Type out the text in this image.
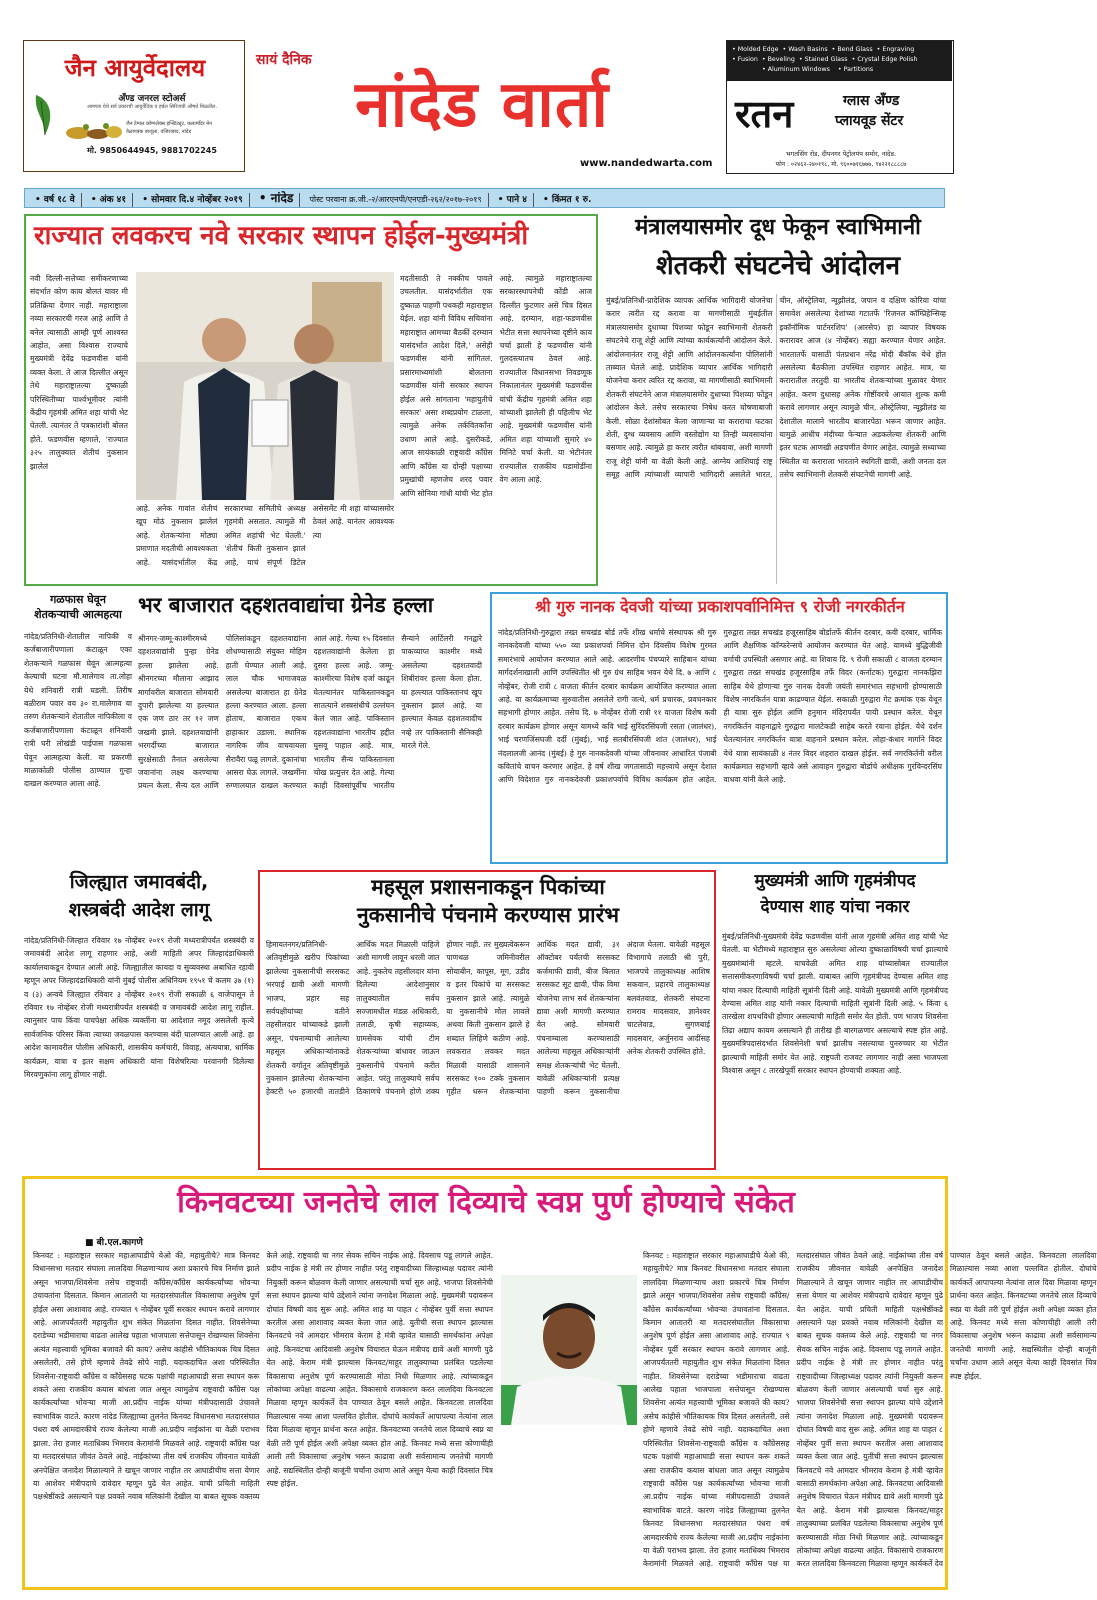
जैन आयुर्वेदालय
अँण्ड जनरल स्टोअर्स
आमच्या येथे सर्व प्रकारची आयुर्वेदिक व हर्बल सिरिजची औषधे मिळतील.
जैन टेम्पल कॉम्पलेक्स इन्स्टिट्यूट, कलामंदिर मेन
वेळापत्रक बाजूला, वजिराबाद, नांदेड
मो. 9850644945, 9881702245
सायं दैनिक
नांदेड वार्ता
www.nandedwarta.com
• Molded Edge • Wash Basins • Bend Glass • Engraving
• Fusion • Beveling • Stained Glass • Crystal Edge Polish
• Aluminum Windows • Partitions
रतन	ग्लास अँण्ड
प्लायवूड सेंटर
भगतसिंग रोड, दीपनगर पेट्रोलपंप समोर, नांदेड.
फोन : ०२४६२-२४०१९८, मो. ९६००७१६७७७, ९४२२१८८८८७
• वर्ष १८ वे • अंक ४१ • सोमवार दि.४ नोव्हेंबर २०१९ • नांदेड पोस्ट परवाना क्र.जी.-२/आरएनपी/एनएडी-२६२/२०१७-२०१९ • पाने ४ • किंमत १ रु.
राज्यात लवकरच नवे सरकार स्थापन होईल-मुख्यमंत्री
नवी दिल्ली-सत्तेच्या समीकरणाच्या संदर्भात कोण काय बोलतं यावर मी प्रतिक्रिया देणार नाही. महाराष्ट्राला नव्या सरकारची गरज आहे आणि ते बनेल त्यासाठी आम्ही पूर्ण आश्वस्त आहोत, असा विश्वास राज्याचे मुख्यमंत्री देवेंद्र फडणवीस यांनी व्यक्त केला. ते आज दिल्लीत असून तेथे महाराष्ट्रातल्या दुष्काळी परिस्थितीच्या पार्श्वभूमीवर त्यांनी केंद्रीय गृहमंत्री अमित शहा यांची भेट घेतली. त्यानंतर ते पत्रकारांशी बोलत होते. फडणवीस म्हणाले, 'राज्यात ३२५ तालुक्यात शेतीचं नुकसान झालेलं
आहे. अनेक गावांत शेतीचं खूप मोठं नुकसान झालेलं आहे. शेतकऱ्यांना मोठ्या प्रमाणात मदतीची आवश्यकता आहे. यासंदर्भातील केंद्र सरकारच्या समितीचे अध्यक्ष गृहमंत्री असतात. त्यामुळे मी अमित शहांची भेट घेतली.' 'शेतीचं किती नुकसान झालं आहे, याचं संपूर्ण डिटेल असेसमेंट मी शहा यांच्यासमोर ठेवलं आहे. यानंतर आवश्यक त्या
मदतीसाठी ते नक्कीच पावले उचलतील. यासंदर्भातील एक दुष्काळ पाहणी पथकही महाराष्ट्रात येईल. शहा यांनी विविध सचिवांना महाराष्ट्रात आमच्या बैठकीं दरम्यान यासंदर्भात आदेश दिले,' असेही फडणवीस यांनी सांगितलं. प्रसारमाध्यमांशी बोलताना फडणवीस यांनी सरकार स्थापन होईल असे सांगताना 'महायुतीचे सरकार' असा शब्दप्रयोग टाळला, त्यामुळे अनेक तर्कवितर्कांना उधाण आले आहे. दुसरीकडे, आज सायंकाळी राष्ट्रवादी काँग्रेस आणि काँग्रेस या दोन्ही पक्षाच्या प्रमुखांची म्हणजेच शरद पवार आणि सोनिया गांधी यांची भेट होत आहे. त्यामुळे महाराष्ट्रातल्या सरकारस्थापनेची कोंडी आज दिल्लीत फुटणार असे चित्र दिसत आहे. दरम्यान, शहा-फडणवीस भेटीत सत्ता स्थापनेच्या दृष्टीने काय चर्चा झाली हे फडणवीस यांनी गुलदस्त्यातच ठेवलं आहे. राज्यातील विधानसभा निवडणूक निकालानंतर मुख्यमंत्री फडणवीस यांची केंद्रीय गृहमंत्री अमित शहा यांच्याशी झालेली ही पहिलीच भेट आहे. मुख्यमंत्री फडणवीस यांनी अमित शहा यांच्याशी सुमारे ४० मिनिटे चर्चा केली. या भेटीनंतर राज्यातील राजकीय घडामोडींना वेग आला आहे.
मंत्रालयासमोर दूध फेकून स्वाभिमानी
शेतकरी संघटनेचे आंदोलन
मुंबई/प्रतिनिधी-प्रादेशिक व्यापक आर्थिक भागिदारी योजनेचा करार त्वरीत रद्द करावा या मागणीसाठी मुंबईतील मंत्रालयासमोर दुधाच्या पिशव्या फोडून स्वाभिमानी शेतकरी संघटनेचे राजू शेट्टी आणि त्यांच्या कार्यकर्त्यांनी आंदोलन केले. आंदोलनानंतर राजू शेट्टी आणि आंदोलनकर्त्यांना पोलिसांनी ताब्यात घेतले आहे. प्रादेशिक व्यापार आर्थिक भागिदारी योजनेचा करार त्वरित रद्द करावा, या मागणीसाठी स्वाभिमानी शेतकरी संघटनेने आज मंत्रालयासमोर दुधाच्या पिशव्या फोडून आंदोलन केले. तसेच सरकारचा निषेध करत घोषणाबाजी केली. सोळा देशांसोबत केला जाणाऱ्या या कराराचा फटका शेती, दुग्ध व्यवसाय आणि वस्तोद्योग या तिन्ही व्यवसायांना बसणार आहे. त्यामुळे हा करार त्वरीत थांबवावा, अशी मागणी राजू शेट्टी यांनी या वेळी केली आहे. आग्नेय आशियाई राष्ट्र समूह आणि त्यांच्याशी व्यापारी भागिदारी असलेले भारत, चीन, ऑस्ट्रेलिया, न्यूझीलंड, जपान व दक्षिण कोरिया यांचा समावेश असलेल्या देशांच्या गटातर्फे 'रिजनल कॉम्प्रिहेन्सिव्ह इकॉनॉमिक पार्टनरशिप' (आरसेप) हा व्यापार विषयक करारावर आज (४ नोव्हेंबर) सह्या करण्यात येणार आहेत. भारतातर्फे यासाठी पंतप्रधान नरेंद्र मोदी बँकॉक येथे होत असलेल्या बैठकीला उपस्थित राहणार आहेत. मात्र, या करारातील तरतुदी या भारतीय शेतकऱ्यांच्या मुळावर येणार आहेत. करण दुधासह अनेक गोष्टींवरचे आयात शुल्क कमी करावे लागणार असून त्यामुळे चीन, ऑस्ट्रेलिया, न्यूझीलंड या देशातील मालाने भारतीय बाजारपेठा भरून जाणार आहेत. यामुळे आधीच मंदीच्या फेऱ्यात अडकलेल्या शेतकरी आणि इतर घटक आणखी अडचणीत येणार आहेत. त्यामुळे सध्याच्या स्थितीत या कराराला भारताने स्थगिती द्यावी, अशी जनता दल तसेच स्वाभिमानी शेतकरी संघटनेची मागणी आहे.
गळफास घेवून
शेतकऱ्याची आत्महत्या
नांदेड/प्रतिनिधी-शेतातील नापिकी व कर्जबाजारीपणाला कंटाळून एका शेतकऱ्याने गळफास घेवून आत्महत्या केल्याची घटना मौ.मालेगाव ता.लोहा येथे शनिवारी रात्री घडली. तिरीष बळीराम पवार वय ३० रा.मालेगाव या तरुण शेतकऱ्याने शेतातील नापिकीला व कर्जबाजारीपणाला कंटाळून शनिवारी रात्री घरी लोखंडी पाईपास गळफास घेवून आत्महत्या केली. या प्रकरणी माळाकोळी पोलीस ठाण्यात गुन्हा दाखल करण्यात आला आहे.
भर बाजारात दहशतवाद्यांचा ग्रेनेड हल्ला
श्रीनगर-जम्मू-काश्मीरमध्ये दहशतवाद्यांनी पुन्हा ग्रेनेड हल्ला झालेला आहे. श्रीनगरच्या मौलाना आझाद मार्गावरील बाजारात सोमवारी दुपारी झालेल्या या हल्ल्यात एक जण ठार तर १२ जण जखमी झाले. दहशतवाद्यांनी भरगर्दीच्या बाजारात सुरक्षेसाठी तैनात असलेल्या जवानांना लक्ष्य करण्याचा प्रयत्न केला. सैन्य दल आणि पोलिसांकडून दहशतवाद्यांना शोधण्यासाठी संयुक्त मोहिम हाती घेण्यात आली आहे. लाल चौक भागाजवळ असलेल्या बाजारात हा ग्रेनेड हल्ला करण्यात आला. हल्ला होताच, बाजारात एकच हाहाकार उडाला. स्थानिक नागरिक जीव वाचवायला सैरावैरा पळू लागले. दुकानांचा आसरा घेऊ लागले. जखमींना रुग्णालयात दाखल करण्यात आलं आहे. गेल्या १५ दिवसांत दहशतवाद्यांनी केलेला हा दुसरा हल्ला आहे. जम्मू-काश्मीरचा विशेष दर्जा काढून घेतल्यानंतर पाकिस्तानकडून सातत्याने शस्त्रसंधीचे उल्लंघन केलं जात आहे. पाकिस्तान दहशतवाद्यांना भारतीय हद्दीत घुसवू पाहात आहे. मात्र, भारतीय सैन्य पाकिस्तानला चोख प्रत्युत्तर देत आहे. गेल्या काही दिवसांपूर्वीच भारतीय सैन्याने आर्टिलरी गनद्वारे पाकव्याप्त काश्मीर मध्ये असलेल्या दहशतवादी शिबीरांवर हल्ला केला होता. या हल्ल्यात पाकिस्तानचं खूप नुकसान झालं आहे. या हल्ल्यात केवळ दहशतवादीच नव्हे तर पाकिस्तानी सैनिकही मारले गेले.
श्री गुरु नानक देवजी यांच्या प्रकाशपर्वानिमित्त ९ रोजी नगरकीर्तन
नांदेड/प्रतिनिधी-गुरुद्वारा तख्त सचखंड बोर्ड तर्फे शीख धर्माचे संस्थापक श्री गुरु नानकदेवजी यांच्या ५५० व्या प्रकाशपर्वा निमित्त दोन दिवसीय विशेष गुरमत समारंभाचे आयोजन करण्यात आले आहे. आदरणीय पंचप्यारे साहिबान यांच्या मार्गदर्शनाखाली आणि उपस्थितीत श्री गुरु ग्रंथ साहिब भवन येथे दि. ७ आणि ८ नोव्हेंबर, रोजी रात्री ८ वाजता कीर्तन दरबार कार्यक्रम आयोजित करण्यात आला आहे. या कार्यक्रमाच्या सुरुवातीस असलेले रागी जत्थे, धर्म प्रचारक, प्रवचनकार सहभागी होणार आहेत. तसेच दि. ७ नोव्हेंबर रोजी रात्री ११ वाजता विशेष कवी दरबार कार्यक्रम होणार असून यामध्ये कवि भाई सुरिंदरसिंघजी रसता (जालंधर), भाई चरणजिंसघजी दर्दी (मुंबई), भाई सतबीरसिंघजी शांत (जालंधर), भाई नंदलालजी आनंद (मुंबई) हे गुरु नानकदेवजी यांच्या जीवनावर आधारित पंजाबी कवितांचे वाचन करणार आहेत. हे वर्ष शीख जगतासाठी महत्त्वाचे असून देशात आणि विदेशात गुरु नानकदेवजी प्रकाशपर्वाचे विविध कार्यक्रम होत आहेत. गुरुद्वारा तख्त सचखंड हजूरसाहिब बोर्डातर्फे कीर्तन दरबार, कवी दरबार, धार्मिक आणि शैक्षणिक कॉन्फरेन्सचे आयोजन करण्यात येत आहे. यामध्ये बुद्धिजीवी वर्गाची उपस्थिती असणार आहे. या शिवाय दि. ९ रोजी सकाळी ८ वाजता दरम्यान गुरुद्वारा तख्त सचखंड हजूरसाहिब तर्फे विदर (कर्नाटक) गुरुद्वारा नानकझिरा साहिब येथे होणाऱ्या गुरु नानक देवजी जयंती समारंभात सहभागी होण्यासाठी विशेष नगरकिर्तन यात्रा काढण्यात येईल. सकाळी गुरुद्वारा गेट क्रमांक एक येथून ही यात्रा सुरु होईल आणि हनुमान मंदिरापर्यंत पायी प्रस्थान करेल. येथून नगरकिर्तन वाहनाद्वारे गुरुद्वारा मालटेकडी साहेब करते रवाना होईल. येथे दर्शन घेतल्यानंतर नगरकिर्तन यात्रा वाहनाने प्रस्थान करेल. लोहा-कंधार मार्गाने विदर येथे यात्रा सायंकाळी ४ नंतर विदर शहरात दाखल होईल. सर्व नगरकिर्तनी वरील कार्यक्रमात सहभागी व्हावे असे आवाहन गुरुद्वारा बोर्डाचे अधीक्षक गुरविन्दरसिंघ वाधवा यांनी केले आहे.
जिल्ह्यात जमावबंदी,
शस्त्रबंदी आदेश लागू
नांदेड/प्रतिनिधी-जिल्हात रविवार १७ नोव्हेंबर २०१९ रोजी मध्यरात्रीपर्यंत शस्त्रबंदी व जमावबंदी आदेश लागू राहणार आहे, अशी माहिती अपर जिल्हादंडाधिकारी कार्यालयाकडून देण्यात आली आहे. जिल्ह्यातील कायदा व सुव्यवस्था अबाधित रहावी म्हणून अपर जिल्हादंडाधिकारी यांनी मुंबई पोलीस अधिनियम १९५१ चे कलम ३७ (१) व (३) अन्वये जिल्ह्यात रविवार ३ नोव्हेंबर २०१९ रोजी सकाळी ६ वाजेपासून ते रविवार १७ नोव्हेंबर रोजी मध्यरात्रीपर्यंत शस्त्रबंदी व जमावबंदी आदेश लागू राहील. त्यानुसार पाच किंवा पाचपेक्षा अधिक व्यक्तींना या आदेशात नमूद असलेली कृत्ये सार्वजनिक परिसर किंवा त्याच्या जवळपास करण्यास बंदी घालण्यात आली आहे. हा आदेश कामावरील पोलीस अधिकारी, शासकीय कर्मचारी, विवाह, अंत्ययात्रा, धार्मिक कार्यक्रम, यात्रा व इतर सक्षम अधिकारी यांना विशेषरित्या परवानगी दिलेल्या मिरवणुकांना लागू होणार नाही.
महसूल प्रशासनाकडून पिकांच्या
नुकसानीचे पंचनामे करण्यास प्रारंभ
हिमायतनगर/प्रतिनिधी-अतिवृष्टीमुळे खरीप पिकांच्या झालेल्या नुकसानीची सरसकट भरपाई द्यावी अशी मागणी भाजप, प्रहार सह सर्वपक्षीयांच्या वतीने तहसीलदार यांच्याकडे झाली असून, पंचनाम्याची आलेल्या महसूल अधिकाऱ्यांनाकडे शेतकरी वर्गातून अतिवृष्टीमुळे नुकसान झालेल्या शेतकऱ्यांना हेक्टरी ५० हजारची तातडीने आर्थिक मदत मिळाली पाहिजे अशी मागणी लावून धरली जात आहे. नुकतेच तहसीलदार यांना दिलेल्या आदेशानुसार तालुक्यातील सर्वच सज्जामधील मंडळ अधिकारी, तलाठी, कृषी सहाय्यक, ग्रामसेवक यांची टीम शेतकऱ्यांच्या बांधावर जाऊन नुकसानीचे पंचनामे करीत आहेत. परंतु तालुक्याचे सर्वच ठिकाणचे पंचनामे होणे शक्य होणार नाही. तर मुख्यत्वेकरून पाणथळ जमिनीवरील सोयाबीन, कापूस, मूग, उडीद व इतर पिकांचे या सरसकट नुकसान झाले आहे. त्यामुळे या नुकसानीचे मोल लावले अथवा किती नुकसान झाले हे शब्दात लिहिणे कठीण आहे. लवकरात लवकर मदत मिळावी यासाठी शासनाने सरसकट १०० टक्के नुकसान गृहीत धरून शेतकऱ्यांना आर्थिक मदत द्यावी, ३१ ऑक्टोबर पर्यंतची सरसकट कर्जमाफी द्यावी, बीज बिलात सरसकट सूट द्यावी, पीक विमा योजनेचा लाभ सर्व शेतकऱ्यांना द्यावा अशी मागणी करण्यात येत आहे. सोमवारी पंचनाम्याला करण्यासाठी आलेल्या महसूल अधिकाऱ्यांनी समक्ष शेतकऱ्यांची भेट घेतली. यावेळी अधिकाऱ्यांनी प्रत्यक्ष पाहणी करून नुकसानीचा अंदाज घेतला. यावेळी महसूल विभागाचे तलाठी श्री पुरी, भाजपचे तालुकाध्यक्ष आशिष सकवान, प्रहारचे तालुकाध्यक्ष बलवंतवाड, शेतकरी संघटना रामराव मादसवार, ज्ञानेश्वर चाटलेवाड, सुगणबाई मादसवार, अर्जुनराव आदींसह अनेक शेतकरी उपस्थित होते.
मुख्यमंत्री आणि गृहमंत्रीपद
देण्यास शाह यांचा नकार
मुंबई/प्रतिनिधी-मुख्यमंत्री देवेंद्र फडणवीस यांनी आज गृहमंत्री अमित शाह यांची भेट घेतली. या भेटीमध्ये महाराष्ट्रात सुरु असलेल्या ओल्या दुष्काळाविषयी चर्चा झाल्याचे मुख्यमंत्र्यांनी म्हटले. याचवेळी अमित शाह यांच्यासोबत राज्यातील सत्तासमीकरणाविषयी चर्चा झाली. याबाबत आणि गृहमंत्रीपद देण्यास अमित शाह यांचा नकार दिल्याची माहिती सूत्रांनी दिली आहे. यावेळी मुख्यमंत्री आणि गृहमंत्रीपद देण्यास अमित शाह यांनी नकार दिल्याची माहिती सूत्रांनी दिली आहे. ५ किंवा ६ तारखेला शपथविधी होणार असल्याची माहिती समोर येत होती. पण भाजप शिवसेना तिढा अद्याप कायम असल्याने ही तारीख ही बारगळणार असल्याचे स्पष्ट होत आहे. मुख्यमंत्रिपदासंदर्भात शिवसेनेशी चर्चा झालीच नसल्याचा पुनरुच्चार या भेटीत झाल्याची माहिती समोर येत आहे. राष्ट्रपती राजवट लागणार नाही असा भाजपला विश्वास असून ८ तारखेपूर्वी सरकार स्थापन होण्याची शक्यता आहे.
किनवटच्या जनतेचे लाल दिव्याचे स्वप्न पुर्ण होण्याचे संकेत
■ बी.एल.कागणे
किनवट : महाराष्ट्रात सरकार महाआघाडीचे येओ की, महायुतीचे? मात्र किनवट विधानसभा मतदार संघाला लालदिवा मिळणाऱ्याच अशा प्रकारचे चित्र निर्माण झाले असून भाजपा/शिवसेना तसेच राष्ट्रवादी काँग्रेस/काँग्रेस कार्यकर्त्यांच्या भोवऱ्या उंचावतांना दिसतात. किमान आतातरी या मतदारसंघातील विकासाचा अनुशेष पूर्ण होईल असा आशावाद आहे. राज्यात ९ नोव्हेंबर पूर्वी सरकार स्थापन करावे लागणार आहे. आजपर्यंततरी महायुतीत शुभ संकेत मिळतांना दिसत नाहीत. शिवसेनेच्या दराडेच्या भडीमाराचा वाढता आलेख पहाता भाजपाला सत्तेपासून रोखण्यास शिवसेना अत्यंत महत्त्वाची भूमिका बजावते की काय? असेच कांहीसे भौतिकायक चित्र दिसत असलेतरी, तसे होणे म्हणावे तेवढे सोपे नाही. यदाकदाचित अशा परिस्थितीत शिवसेना-राष्ट्रवादी काँग्रेस व काँग्रेससह घटक पक्षांची महाआघाडी सत्ता स्थापन करू शकते असा राजकीय कयास बांधला जात असून त्यामुळेच राष्ट्रवादी काँग्रेस पक्ष कार्यकर्त्यांच्या भोवऱ्या माजी आ.प्रदीप नाईक यांच्या मंत्रीपदासाठी उंचावले स्वाभाविक वाटते. कारण नांदेड जिल्ह्याच्या तुलनेत किनवट विधानसभा मतदारसंघात पंधरा वर्ष आमदारकीचे राज्य केलेल्या माजी आ.प्रदीप नाईकांना या वेळी पराभव झाला. तेरा हजार मताधिक्य भिमराव केरामांनी मिळवले आहे. राष्ट्रवादी काँग्रेस पक्ष या मतदारसंघात जीवंत ठेवले आहे. नाईकांच्या तीस वर्ष राजकीय जीवनात यावेळी अनपेक्षित जनादेश मिळाल्याने ते खचून जाणार नाहीत तर आघाडीचीच सत्ता येणार या आशेवर मंत्रीपदाचे दावेदार म्हणून पुढे येत आहेत. याची प्रचिती माहिती पक्षश्रेष्ठींकडे असल्याने पक्ष प्रवक्ते नवाब मलिकांनी देखील या बाबत सूचक वक्तव्य केले आहे. राष्ट्रवादी चा नगर सेवक सचिन नाईक आहे. दिवसाच पडू लागले आहेत. प्रदीप नाईक हे मंत्री तर होणार नाहीत परंतु राष्ट्रवादीच्या जिल्हाध्यक्ष पदावर त्यांनी नियुक्ती करून बोळवण केली जाणार असल्याची चर्चा सुरु आहे. भाजपा शिवसेनेची सत्ता स्थापन झाल्या यांचे उद्देशाने त्यांना जनादेश मिळाला आहे. मुख्यमंत्री पदावरून दोघांत विषयी वाद सुरू आहे. अमित शाह या पाहत ८ नोव्हेंबर पुर्वी सत्ता स्थापन करतील असा आशावाद व्यक्त केला जात आहे. युतीची सत्ता स्थापन झाल्यास किनवटचे नवे आमदार भीमराव केराम हे मंत्री व्हावेत यासाठी समर्थकांना अपेक्षा आहे. किनवटचा आदिवासी अनुशेष विचारात घेऊन मंत्रीपद द्यावे अशी मागणी पुढे येत आहे. केराम मंत्री झाल्यास किनवट/माहूर तालुक्याच्या प्रलंबित पडलेल्या विकासाचा अनुशेष पूर्ण करण्यासाठी मोठा निधी मिळणार आहे. त्यांच्याकडून लोकांच्या अपेक्षा वाढल्या आहेत. विकासाचे राजकारण करत लालदिवा किनवटला मिळावा म्हणून कार्यकर्ते देव पाण्यात ठेवून बसले आहेत. किनवटला लालदिवा मिळाल्यास नव्या आशा पल्लवित होतील. दोघांचे कार्यकर्ते आपापल्या नेत्यांना लाल दिवा मिळावा म्हणून प्रार्थना करत आहेत. किनवटच्या जनतेचे लाल दिव्याचे स्वप्न या वेळी तरी पूर्ण होईल अशी अपेक्षा व्यक्त होत आहे. किनवट मध्ये सत्ता कोणाचीही आली तरी विकासाचा अनुशेष भरून काढावा अशी सर्वसामान्य जनतेची मागणी आहे. सद्यस्थितीत दोन्ही बाजूंनी चर्चांना उधाण आले असून येत्या काही दिवसांत चित्र स्पष्ट होईल.
किनवट : महाराष्ट्रात सरकार महाआघाडीचे येओ की, महायुतीचे? मात्र किनवट विधानसभा मतदार संघाला लालदिवा मिळणाऱ्याच अशा प्रकारचे चित्र निर्माण झाले असून भाजपा/शिवसेना तसेच राष्ट्रवादी काँग्रेस/काँग्रेस कार्यकर्त्यांच्या भोवऱ्या उंचावतांना दिसतात. किमान आतातरी या मतदारसंघातील विकासाचा अनुशेष पूर्ण होईल असा आशावाद आहे. राज्यात ९ नोव्हेंबर पूर्वी सरकार स्थापन करावे लागणार आहे. आजपर्यंततरी महायुतीत शुभ संकेत मिळतांना दिसत नाहीत. शिवसेनेच्या दराडेच्या भडीमाराचा वाढता आलेख पहाता भाजपाला सत्तेपासून रोखण्यास शिवसेना अत्यंत महत्त्वाची भूमिका बजावते की काय? असेच कांहीसे भौतिकायक चित्र दिसत असलेतरी, तसे होणे म्हणावे तेवढे सोपे नाही. यदाकदाचित अशा परिस्थितीत शिवसेना-राष्ट्रवादी काँग्रेस व काँग्रेससह घटक पक्षांची महाआघाडी सत्ता स्थापन करू शकते असा राजकीय कयास बांधला जात असून त्यामुळेच राष्ट्रवादी काँग्रेस पक्ष कार्यकर्त्यांच्या भोवऱ्या माजी आ.प्रदीप नाईक यांच्या मंत्रीपदासाठी उंचावले स्वाभाविक वाटते. कारण नांदेड जिल्ह्याच्या तुलनेत किनवट विधानसभा मतदारसंघात पंधरा वर्ष आमदारकीचे राज्य केलेल्या माजी आ.प्रदीप नाईकांना या वेळी पराभव झाला. तेरा हजार मताधिक्य भिमराव केरामांनी मिळवले आहे. राष्ट्रवादी काँग्रेस पक्ष या मतदारसंघात जीवंत ठेवले आहे. नाईकांच्या तीस वर्ष राजकीय जीवनात यावेळी अनपेक्षित जनादेश मिळाल्याने ते खचून जाणार नाहीत तर आघाडीचीच सत्ता येणार या आशेवर मंत्रीपदाचे दावेदार म्हणून पुढे येत आहेत. याची प्रचिती माहिती पक्षश्रेष्ठींकडे असल्याने पक्ष प्रवक्ते नवाब मलिकांनी देखील या बाबत सूचक वक्तव्य केले आहे. राष्ट्रवादी चा नगर सेवक सचिन नाईक आहे. दिवसाच पडू लागले आहेत. प्रदीप नाईक हे मंत्री तर होणार नाहीत परंतु राष्ट्रवादीच्या जिल्हाध्यक्ष पदावर त्यांनी नियुक्ती करून बोळवण केली जाणार असल्याची चर्चा सुरु आहे. भाजपा शिवसेनेची सत्ता स्थापन झाल्या यांचे उद्देशाने त्यांना जनादेश मिळाला आहे. मुख्यमंत्री पदावरून दोघांत विषयी वाद सुरू आहे. अमित शाह या पाहत ८ नोव्हेंबर पुर्वी सत्ता स्थापन करतील असा आशावाद व्यक्त केला जात आहे. युतीची सत्ता स्थापन झाल्यास किनवटचे नवे आमदार भीमराव केराम हे मंत्री व्हावेत यासाठी समर्थकांना अपेक्षा आहे. किनवटचा आदिवासी अनुशेष विचारात घेऊन मंत्रीपद द्यावे अशी मागणी पुढे येत आहे. केराम मंत्री झाल्यास किनवट/माहूर तालुक्याच्या प्रलंबित पडलेल्या विकासाचा अनुशेष पूर्ण करण्यासाठी मोठा निधी मिळणार आहे. त्यांच्याकडून लोकांच्या अपेक्षा वाढल्या आहेत. विकासाचे राजकारण करत लालदिवा किनवटला मिळावा म्हणून कार्यकर्ते देव पाण्यात ठेवून बसले आहेत. किनवटला लालदिवा मिळाल्यास नव्या आशा पल्लवित होतील. दोघांचे कार्यकर्ते आपापल्या नेत्यांना लाल दिवा मिळावा म्हणून प्रार्थना करत आहेत. किनवटच्या जनतेचे लाल दिव्याचे स्वप्न या वेळी तरी पूर्ण होईल अशी अपेक्षा व्यक्त होत आहे. किनवट मध्ये सत्ता कोणाचीही आली तरी विकासाचा अनुशेष भरून काढावा अशी सर्वसामान्य जनतेची मागणी आहे. सद्यस्थितीत दोन्ही बाजूंनी चर्चांना उधाण आले असून येत्या काही दिवसांत चित्र स्पष्ट होईल.
